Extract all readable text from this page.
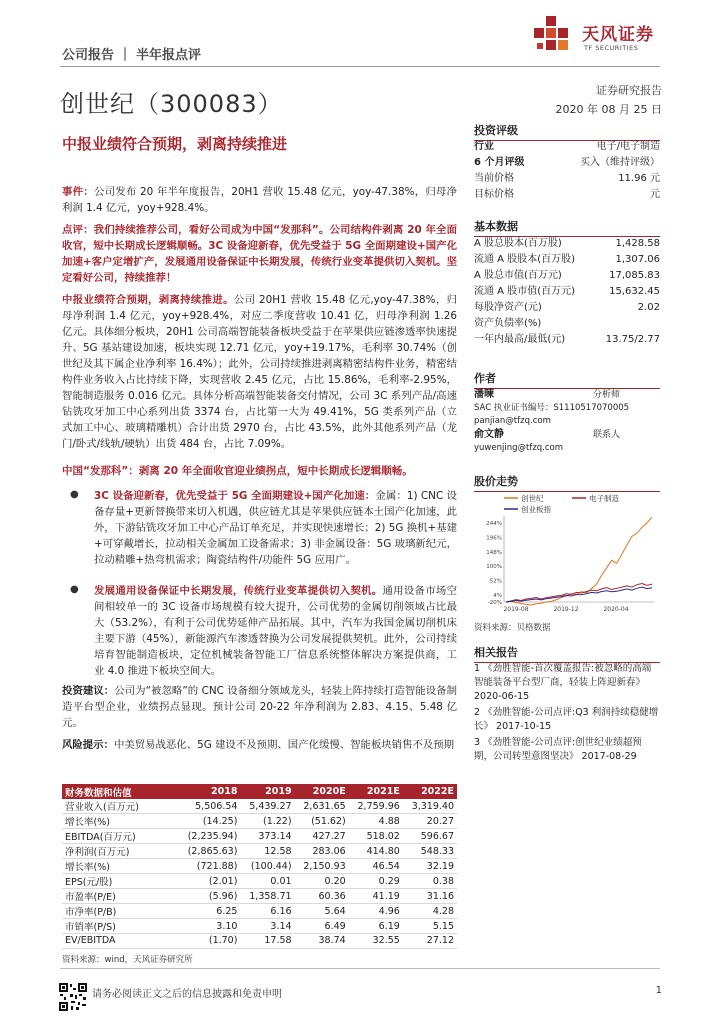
公司报告 ｜ 半年报点评
天风证券
TF SECURITIES
创世纪（300083）	证券研究报告
2020 年 08 月 25 日
中报业绩符合预期，剥离持续推进
事件：公司发布 20 年半年度报告，20H1 营收 15.48 亿元，yoy-47.38%，归母净利润 1.4 亿元，yoy+928.4%。
点评：我们持续推荐公司，看好公司成为中国“发那科”。公司结构件剥离 20 年全面收官，短中长期成长逻辑顺畅。3C 设备迎新春，优先受益于 5G 全面期建设+国产化加速+客户定增扩产，发展通用设备保证中长期发展，传统行业变革提供切入契机。坚定看好公司，持续推荐！
中报业绩符合预期，剥离持续推进。公司 20H1 营收 15.48 亿元,yoy-47.38%，归母净利润 1.4 亿元，yoy+928.4%，对应二季度营收 10.41 亿，归母净利润 1.26 亿元。具体细分板块，20H1 公司高端智能装备板块受益于在苹果供应链渗透率快速提升、5G 基站建设加速，板块实现 12.71 亿元，yoy+19.17%，毛利率 30.74%（创世纪及其下属企业净利率 16.4%）；此外，公司持续推进剥离精密结构件业务，精密结构件业务收入占比持续下降，实现营收 2.45 亿元，占比 15.86%，毛利率-2.95%，智能制造服务 0.016 亿元。具体分析高端智能装备交付情况，公司 3C 系列产品/高速钻铣攻牙加工中心系列出货 3374 台，占比第一大为 49.41%，5G 类系列产品（立式加工中心、玻璃精雕机）合计出货 2970 台，占比 43.5%，此外其他系列产品（龙门/卧式/线轨/硬轨）出货 484 台，占比 7.09%。
中国“发那科”：剥离 20 年全面收官迎业绩拐点，短中长期成长逻辑顺畅。
3C 设备迎新春，优先受益于 5G 全面期建设+国产化加速：金属：1) CNC 设备存量+更新替换带来切入机遇，供应链尤其是苹果供应链本土国产化加速，此外，下游钻铣攻牙加工中心产品订单充足，并实现快速增长；2) 5G 换机+基建+可穿戴增长，拉动相关金属加工设备需求；3) 非金属设备：5G 玻璃新纪元，拉动精雕+热弯机需求；陶瓷结构件/功能件 5G 应用广。
●
发展通用设备保证中长期发展，传统行业变革提供切入契机。通用设备市场空间相较单一的 3C 设备市场规模有较大提升，公司优势的金属切削领域占比最大（53.2%），有利于公司优势延伸产品拓展。其中，汽车为我国金属切削机床主要下游（45%），新能源汽车渗透替换为公司发展提供契机。此外，公司持续培育智能制造板块，定位机械装备智能工厂信息系统整体解决方案提供商，工业 4.0 推进下板块空间大。
●
投资建议：公司为“被忽略”的 CNC 设备细分领域龙头，轻装上阵持续打造智能设备制造平台型企业，业绩拐点显现。预计公司 20-22 年净利润为 2.83、4.15、5.48 亿元。
风险提示：中美贸易战恶化、5G 建设不及预期、国产化缓慢、智能板块销售不及预期
财务数据和估值	2018	2019	2020E	2021E	2022E
营业收入(百万元)	5,506.54	5,439.27	2,631.65	2,759.96	3,319.40
增长率(%)	(14.25)	(1.22)	(51.62)	4.88	20.27
EBITDA(百万元)	(2,235.94)	373.14	427.27	518.02	596.67
净利润(百万元)	(2,865.63)	12.58	283.06	414.80	548.33
增长率(%)	(721.88)	(100.44)	2,150.93	46.54	32.19
EPS(元/股)	(2.01)	0.01	0.20	0.29	0.38
市盈率(P/E)	(5.96)	1,358.71	60.36	41.19	31.16
市净率(P/B)	6.25	6.16	5.64	4.96	4.28
市销率(P/S)	3.10	3.14	6.49	6.19	5.15
EV/EBITDA	(1.70)	17.58	38.74	32.55	27.12
资料来源：wind，天风证券研究所
投资评级
行业	电子/电子制造
6 个月评级	买入（维持评级）
当前价格	11.96 元
目标价格	元
基本数据
A 股总股本(百万股)	1,428.58
流通 A 股股本(百万股)	1,307.06
A 股总市值(百万元)	17,085.83
流通 A 股市值(百万元)	15,632.45
每股净资产(元)	2.02
资产负债率(%)
一年内最高/最低(元)	13.75/2.77
作者
潘暕	分析师
SAC 执业证书编号：S1110517070005
panjian@tfzq.com
俞文静	联系人
yuwenjing@tfzq.com
股价走势
创世纪	电子制造
创业板指
-20%
4%
52%
100%
148%
196%
244%
2019-08	2019-12	2020-04
资料来源：贝格数据
相关报告
1 《劲胜智能-首次覆盖报告:被忽略的高端智能装备平台型厂商，轻装上阵迎新春》 2020-06-15
2 《劲胜智能-公司点评:Q3 利润持续稳健增长》 2017-10-15
3 《劲胜智能-公司点评:创世纪业绩超预期，公司转型意图坚决》 2017-08-29
请务必阅读正文之后的信息披露和免责申明	1
